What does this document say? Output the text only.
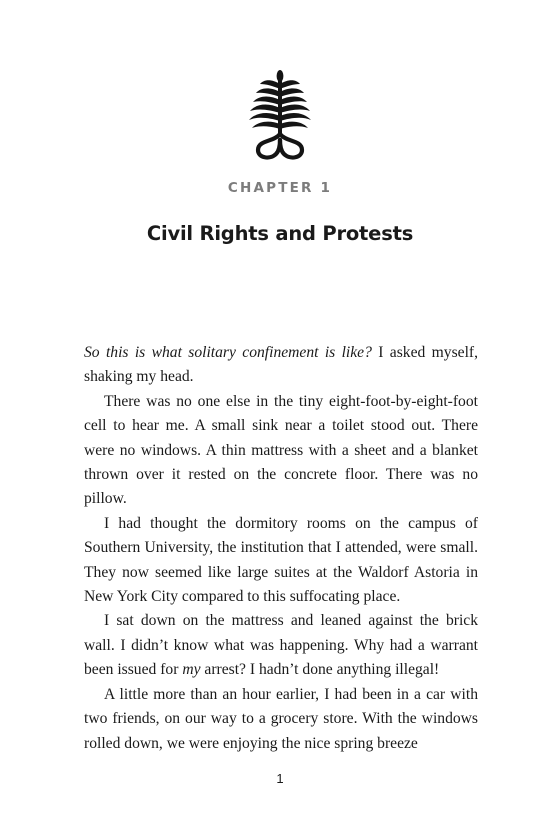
CHAPTER 1
Civil Rights and Protests

So this is what solitary confinement is like? I asked myself, shaking my head.

There was no one else in the tiny eight-foot-by-eight-foot cell to hear me. A small sink near a toilet stood out. There were no windows. A thin mattress with a sheet and a blanket thrown over it rested on the concrete floor. There was no pillow.

I had thought the dormitory rooms on the campus of Southern University, the institution that I attended, were small. They now seemed like large suites at the Waldorf Astoria in New York City compared to this suffocating place.

I sat down on the mattress and leaned against the brick wall. I didn’t know what was happening. Why had a warrant been issued for my arrest? I hadn’t done anything illegal!

A little more than an hour earlier, I had been in a car with two friends, on our way to a grocery store. With the windows rolled down, we were enjoying the nice spring breeze

1
